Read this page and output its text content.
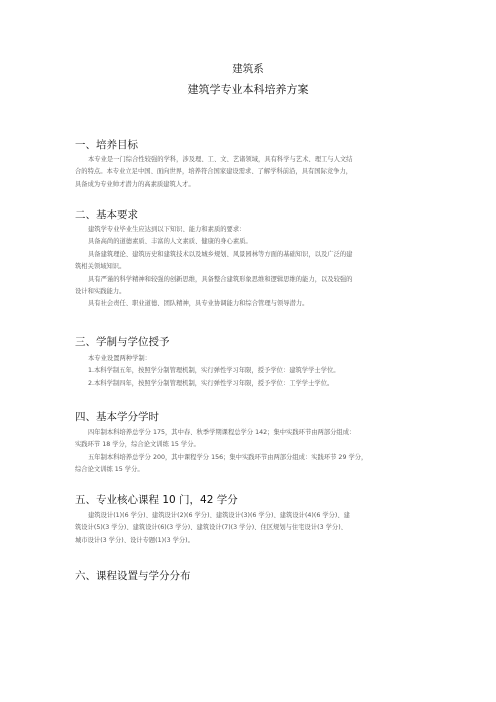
建筑系
建筑学专业本科培养方案
一、培养目标
本专业是一门综合性较强的学科，涉及理、工、文、艺诸领域，具有科学与艺术、理工与人文结
合的特点。本专业立足中国、面向世界，培养符合国家建设需求、了解学科前沿，具有国际竞争力，
具备成为专业帅才潜力的高素质建筑人才。
二、基本要求
建筑学专业毕业生应达到以下知识、能力和素质的要求：
具备高尚的道德素质、丰富的人文素质、健康的身心素质。
具备建筑理论、建筑历史和建筑技术以及城乡规划、风景园林等方面的基础知识，以及广泛的建
筑相关领域知识。
具有严谨的科学精神和较强的创新思维，具备整合建筑形象思维和逻辑思维的能力，以及较强的
设计和实践能力。
具有社会责任、职业道德、团队精神，具专业协调能力和综合管理与领导潜力。
三、学制与学位授予
本专业设置两种学制：
1.本科学制五年，按照学分制管理机制，实行弹性学习年限，授予学位：建筑学学士学位。
2.本科学制四年，按照学分制管理机制，实行弹性学习年限，授予学位：工学学士学位。
四、基本学分学时
四年制本科培养总学分 175，其中春、秋季学期课程总学分 142；集中实践环节由两部分组成：
实践环节 18 学分，综合论文训练 15 学分。
五年制本科培养总学分 200，其中课程学分 156；集中实践环节由两部分组成：实践环节 29 学分，
综合论文训练 15 学分。
五、专业核心课程 10 门，42 学分
建筑设计(1)(6 学分)、建筑设计(2)(6 学分)、建筑设计(3)(6 学分)、建筑设计(4)(6 学分)、建
筑设计(5)(3 学分)、建筑设计(6)(3 学分)、建筑设计(7)(3 学分)、住区规划与住宅设计(3 学分)、
城市设计(3 学分)、设计专题(1)(3 学分)。
六、课程设置与学分分布
